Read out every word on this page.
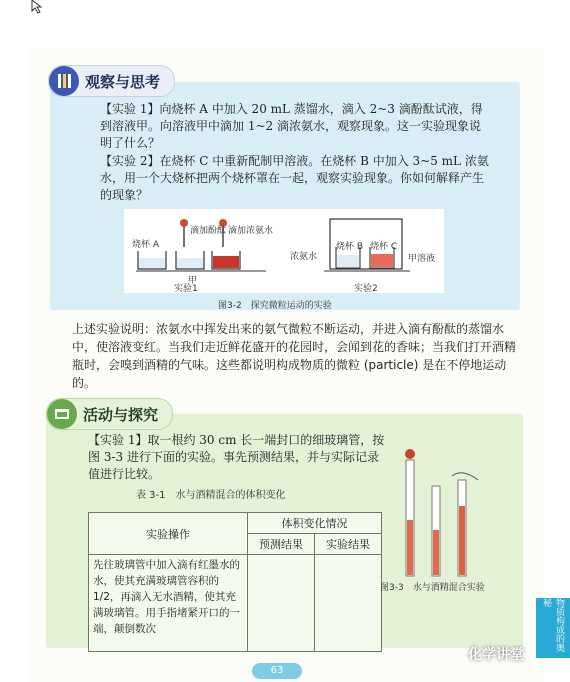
观察与思考
【实验 1】向烧杯 A 中加入 20 mL 蒸馏水，滴入 2~3 滴酚酞试液，得到溶液甲。向溶液甲中滴加 1~2 滴浓氨水，观察现象。这一实验现象说明了什么？
【实验 2】在烧杯 C 中重新配制甲溶液。在烧杯 B 中加入 3~5 mL 浓氨水，用一个大烧杯把两个烧杯罩在一起，观察实验现象。你如何解释产生的现象？
滴加酚酞 滴加浓氨水
烧杯 A
甲
浓氨水
烧杯 B 烧杯 C
甲溶液
实验1	实验2
图3-2　探究微粒运动的实验
上述实验说明：浓氨水中挥发出来的氨气微粒不断运动，并进入滴有酚酞的蒸馏水中，使溶液变红。当我们走近鲜花盛开的花园时，会闻到花的香味；当我们打开酒精瓶时，会嗅到酒精的气味。这些都说明构成物质的微粒 (particle) 是在不停地运动的。
活动与探究
【实验 1】取一根约 30 cm 长一端封口的细玻璃管，按图 3-3 进行下面的实验。事先预测结果，并与实际记录值进行比较。
表 3-1　水与酒精混合的体积变化
实验操作	体积变化情况	
	预测结果	实验结果
先往玻璃管中加入滴有红墨水的水，使其充满玻璃管容积的 1/2，再滴入无水酒精，使其充满玻璃管。用手指堵紧开口的一端，颠倒数次		
图3-3　水与酒精混合实验
物质构成的奥秘
63
化学讲堂
